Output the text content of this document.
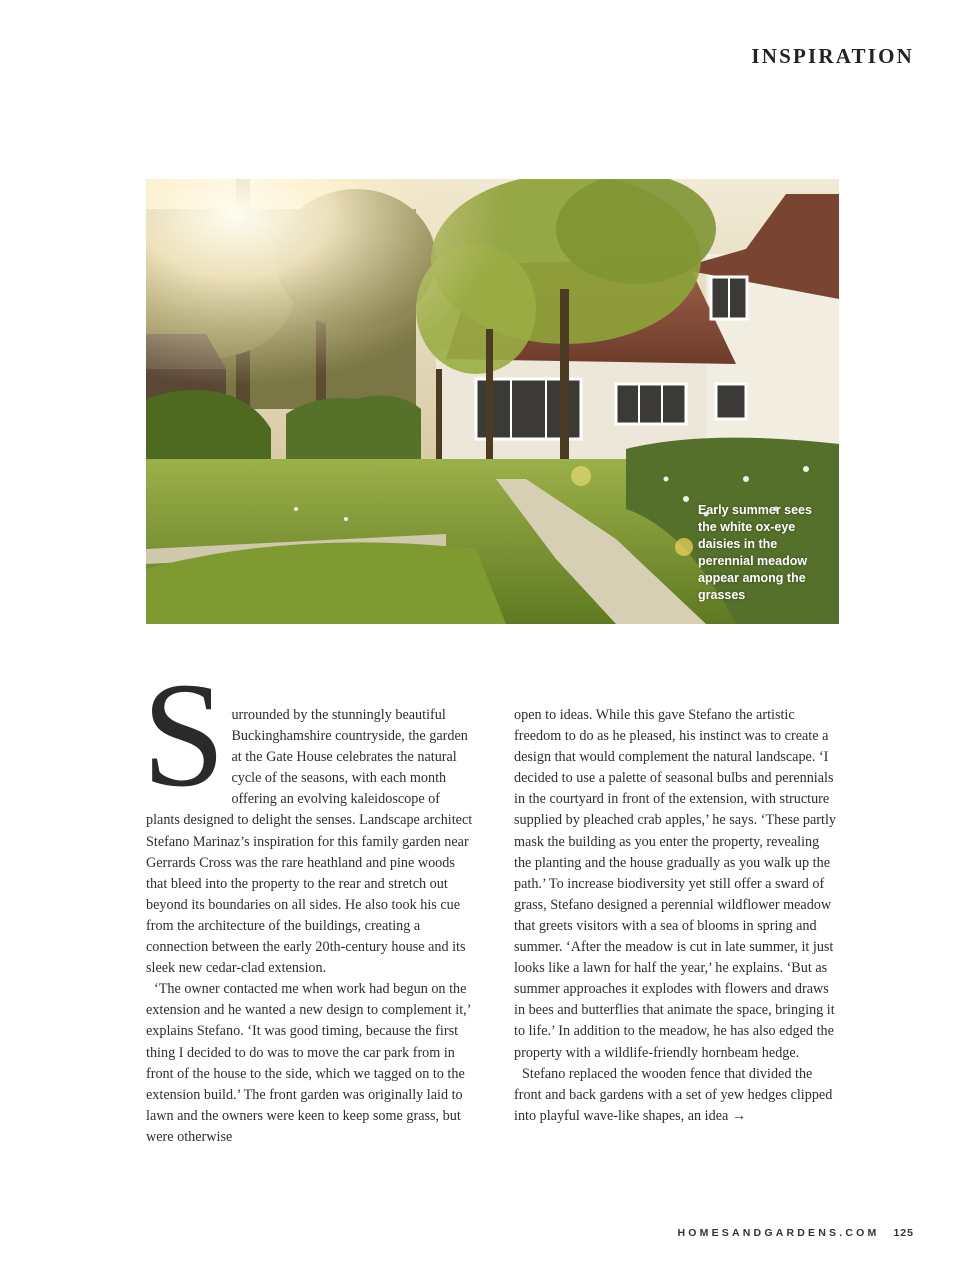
INSPIRATION
Early summer sees the white ox-eye daisies in the perennial meadow appear among the grasses

Surrounded by the stunningly beautiful Buckinghamshire countryside, the garden at the Gate House celebrates the natural cycle of the seasons, with each month offering an evolving kaleidoscope of plants designed to delight the senses. Landscape architect Stefano Marinaz’s inspiration for this family garden near Gerrards Cross was the rare heathland and pine woods that bleed into the property to the rear and stretch out beyond its boundaries on all sides. He also took his cue from the architecture of the buildings, creating a connection between the early 20th-century house and its sleek new cedar-clad extension.

‘The owner contacted me when work had begun on the extension and he wanted a new design to complement it,’ explains Stefano. ‘It was good timing, because the first thing I decided to do was to move the car park from in front of the house to the side, which we tagged on to the extension build.’ The front garden was originally laid to lawn and the owners were keen to keep some grass, but were otherwise

open to ideas. While this gave Stefano the artistic freedom to do as he pleased, his instinct was to create a design that would complement the natural landscape. ‘I decided to use a palette of seasonal bulbs and perennials in the courtyard in front of the extension, with structure supplied by pleached crab apples,’ he says. ‘These partly mask the building as you enter the property, revealing the planting and the house gradually as you walk up the path.’ To increase biodiversity yet still offer a sward of grass, Stefano designed a perennial wildflower meadow that greets visitors with a sea of blooms in spring and summer. ‘After the meadow is cut in late summer, it just looks like a lawn for half the year,’ he explains. ‘But as summer approaches it explodes with flowers and draws in bees and butterflies that animate the space, bringing it to life.’ In addition to the meadow, he has also edged the property with a wildlife-friendly hornbeam hedge.

Stefano replaced the wooden fence that divided the front and back gardens with a set of yew hedges clipped into playful wave-like shapes, an idea →

HOMESANDGARDENS.COM 125
